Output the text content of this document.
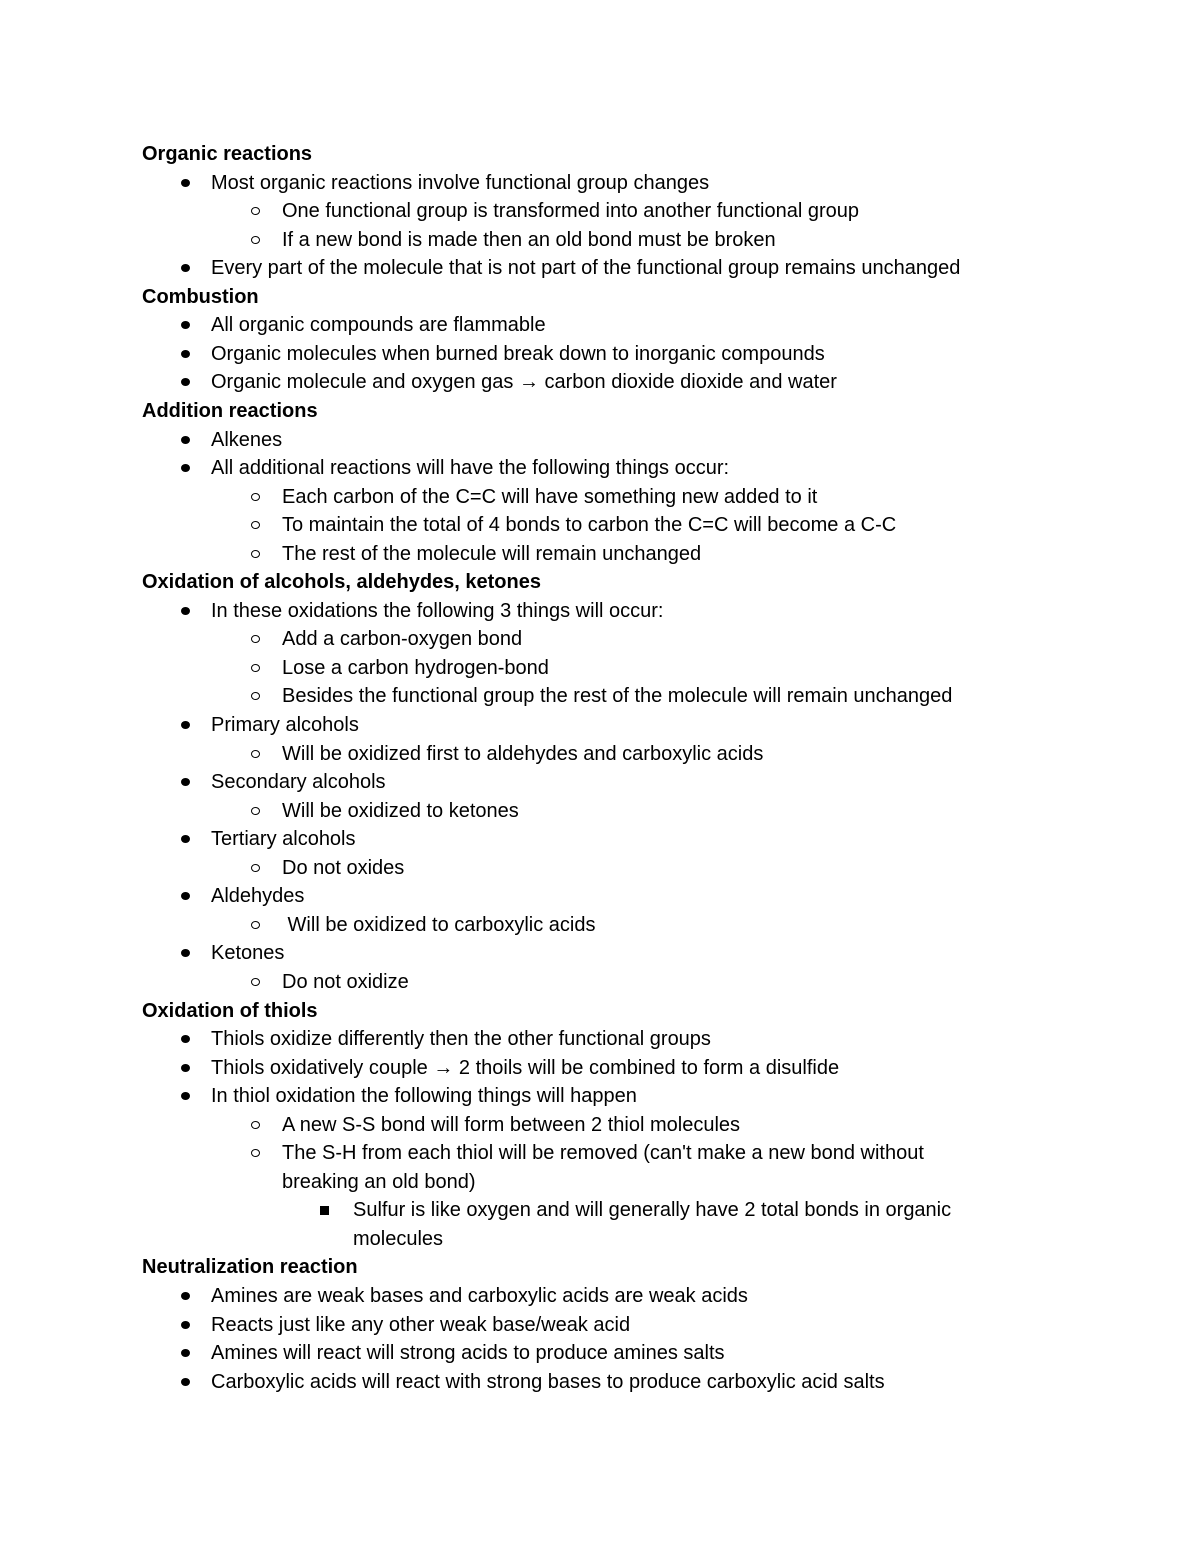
Organic reactions
Most organic reactions involve functional group changes
One functional group is transformed into another functional group
If a new bond is made then an old bond must be broken
Every part of the molecule that is not part of the functional group remains unchanged
Combustion
All organic compounds are flammable
Organic molecules when burned break down to inorganic compounds
Organic molecule and oxygen gas → carbon dioxide dioxide and water
Addition reactions
Alkenes
All additional reactions will have the following things occur:
Each carbon of the C=C will have something new added to it
To maintain the total of 4 bonds to carbon the C=C will become a C-C
The rest of the molecule will remain unchanged
Oxidation of alcohols, aldehydes, ketones
In these oxidations the following 3 things will occur:
Add a carbon-oxygen bond
Lose a carbon hydrogen-bond
Besides the functional group the rest of the molecule will remain unchanged
Primary alcohols
Will be oxidized first to aldehydes and carboxylic acids
Secondary alcohols
Will be oxidized to ketones
Tertiary alcohols
Do not oxides
Aldehydes
Will be oxidized to carboxylic acids
Ketones
Do not oxidize
Oxidation of thiols
Thiols oxidize differently then the other functional groups
Thiols oxidatively couple → 2 thoils will be combined to form a disulfide
In thiol oxidation the following things will happen
A new S-S bond will form between 2 thiol molecules
The S-H from each thiol will be removed (can't make a new bond without
breaking an old bond)
Sulfur is like oxygen and will generally have 2 total bonds in organic
molecules
Neutralization reaction
Amines are weak bases and carboxylic acids are weak acids
Reacts just like any other weak base/weak acid
Amines will react will strong acids to produce amines salts
Carboxylic acids will react with strong bases to produce carboxylic acid salts
